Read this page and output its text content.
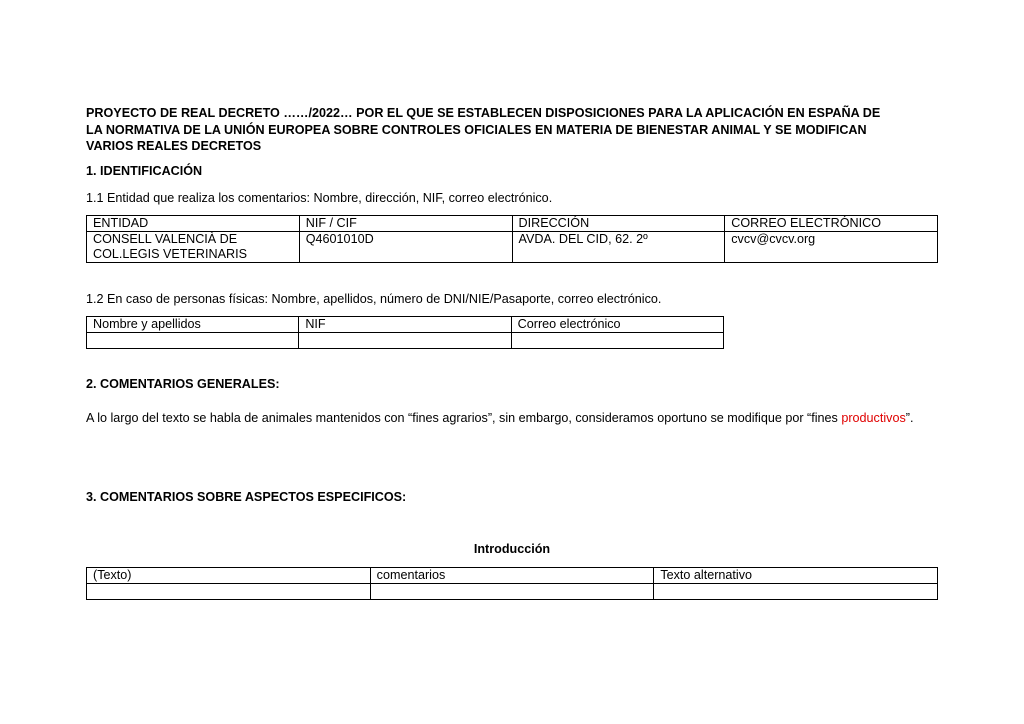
PROYECTO DE REAL DECRETO ……/2022… POR EL QUE SE ESTABLECEN DISPOSICIONES PARA LA APLICACIÓN EN ESPAÑA DE
LA NORMATIVA DE LA UNIÓN EUROPEA SOBRE CONTROLES OFICIALES EN MATERIA DE BIENESTAR ANIMAL Y SE MODIFICAN
VARIOS REALES DECRETOS

1. IDENTIFICACIÓN

1.1 Entidad que realiza los comentarios: Nombre, dirección, NIF, correo electrónico.

ENTIDAD	NIF / CIF	DIRECCIÓN	CORREO ELECTRÓNICO

CONSELL VALENCIÀ DE
COL.LEGIS VETERINARIS	Q4601010D	AVDA. DEL CID, 62. 2º	cvcv@cvcv.org

1.2 En caso de personas físicas: Nombre, apellidos, número de DNI/NIE/Pasaporte, correo electrónico.

Nombre y apellidos	NIF	Correo electrónico

2. COMENTARIOS GENERALES:

A lo largo del texto se habla de animales mantenidos con “fines agrarios”, sin embargo, consideramos oportuno se modifique por “fines productivos”.

3. COMENTARIOS SOBRE ASPECTOS ESPECIFICOS:

Introducción

(Texto)	comentarios	Texto alternativo
